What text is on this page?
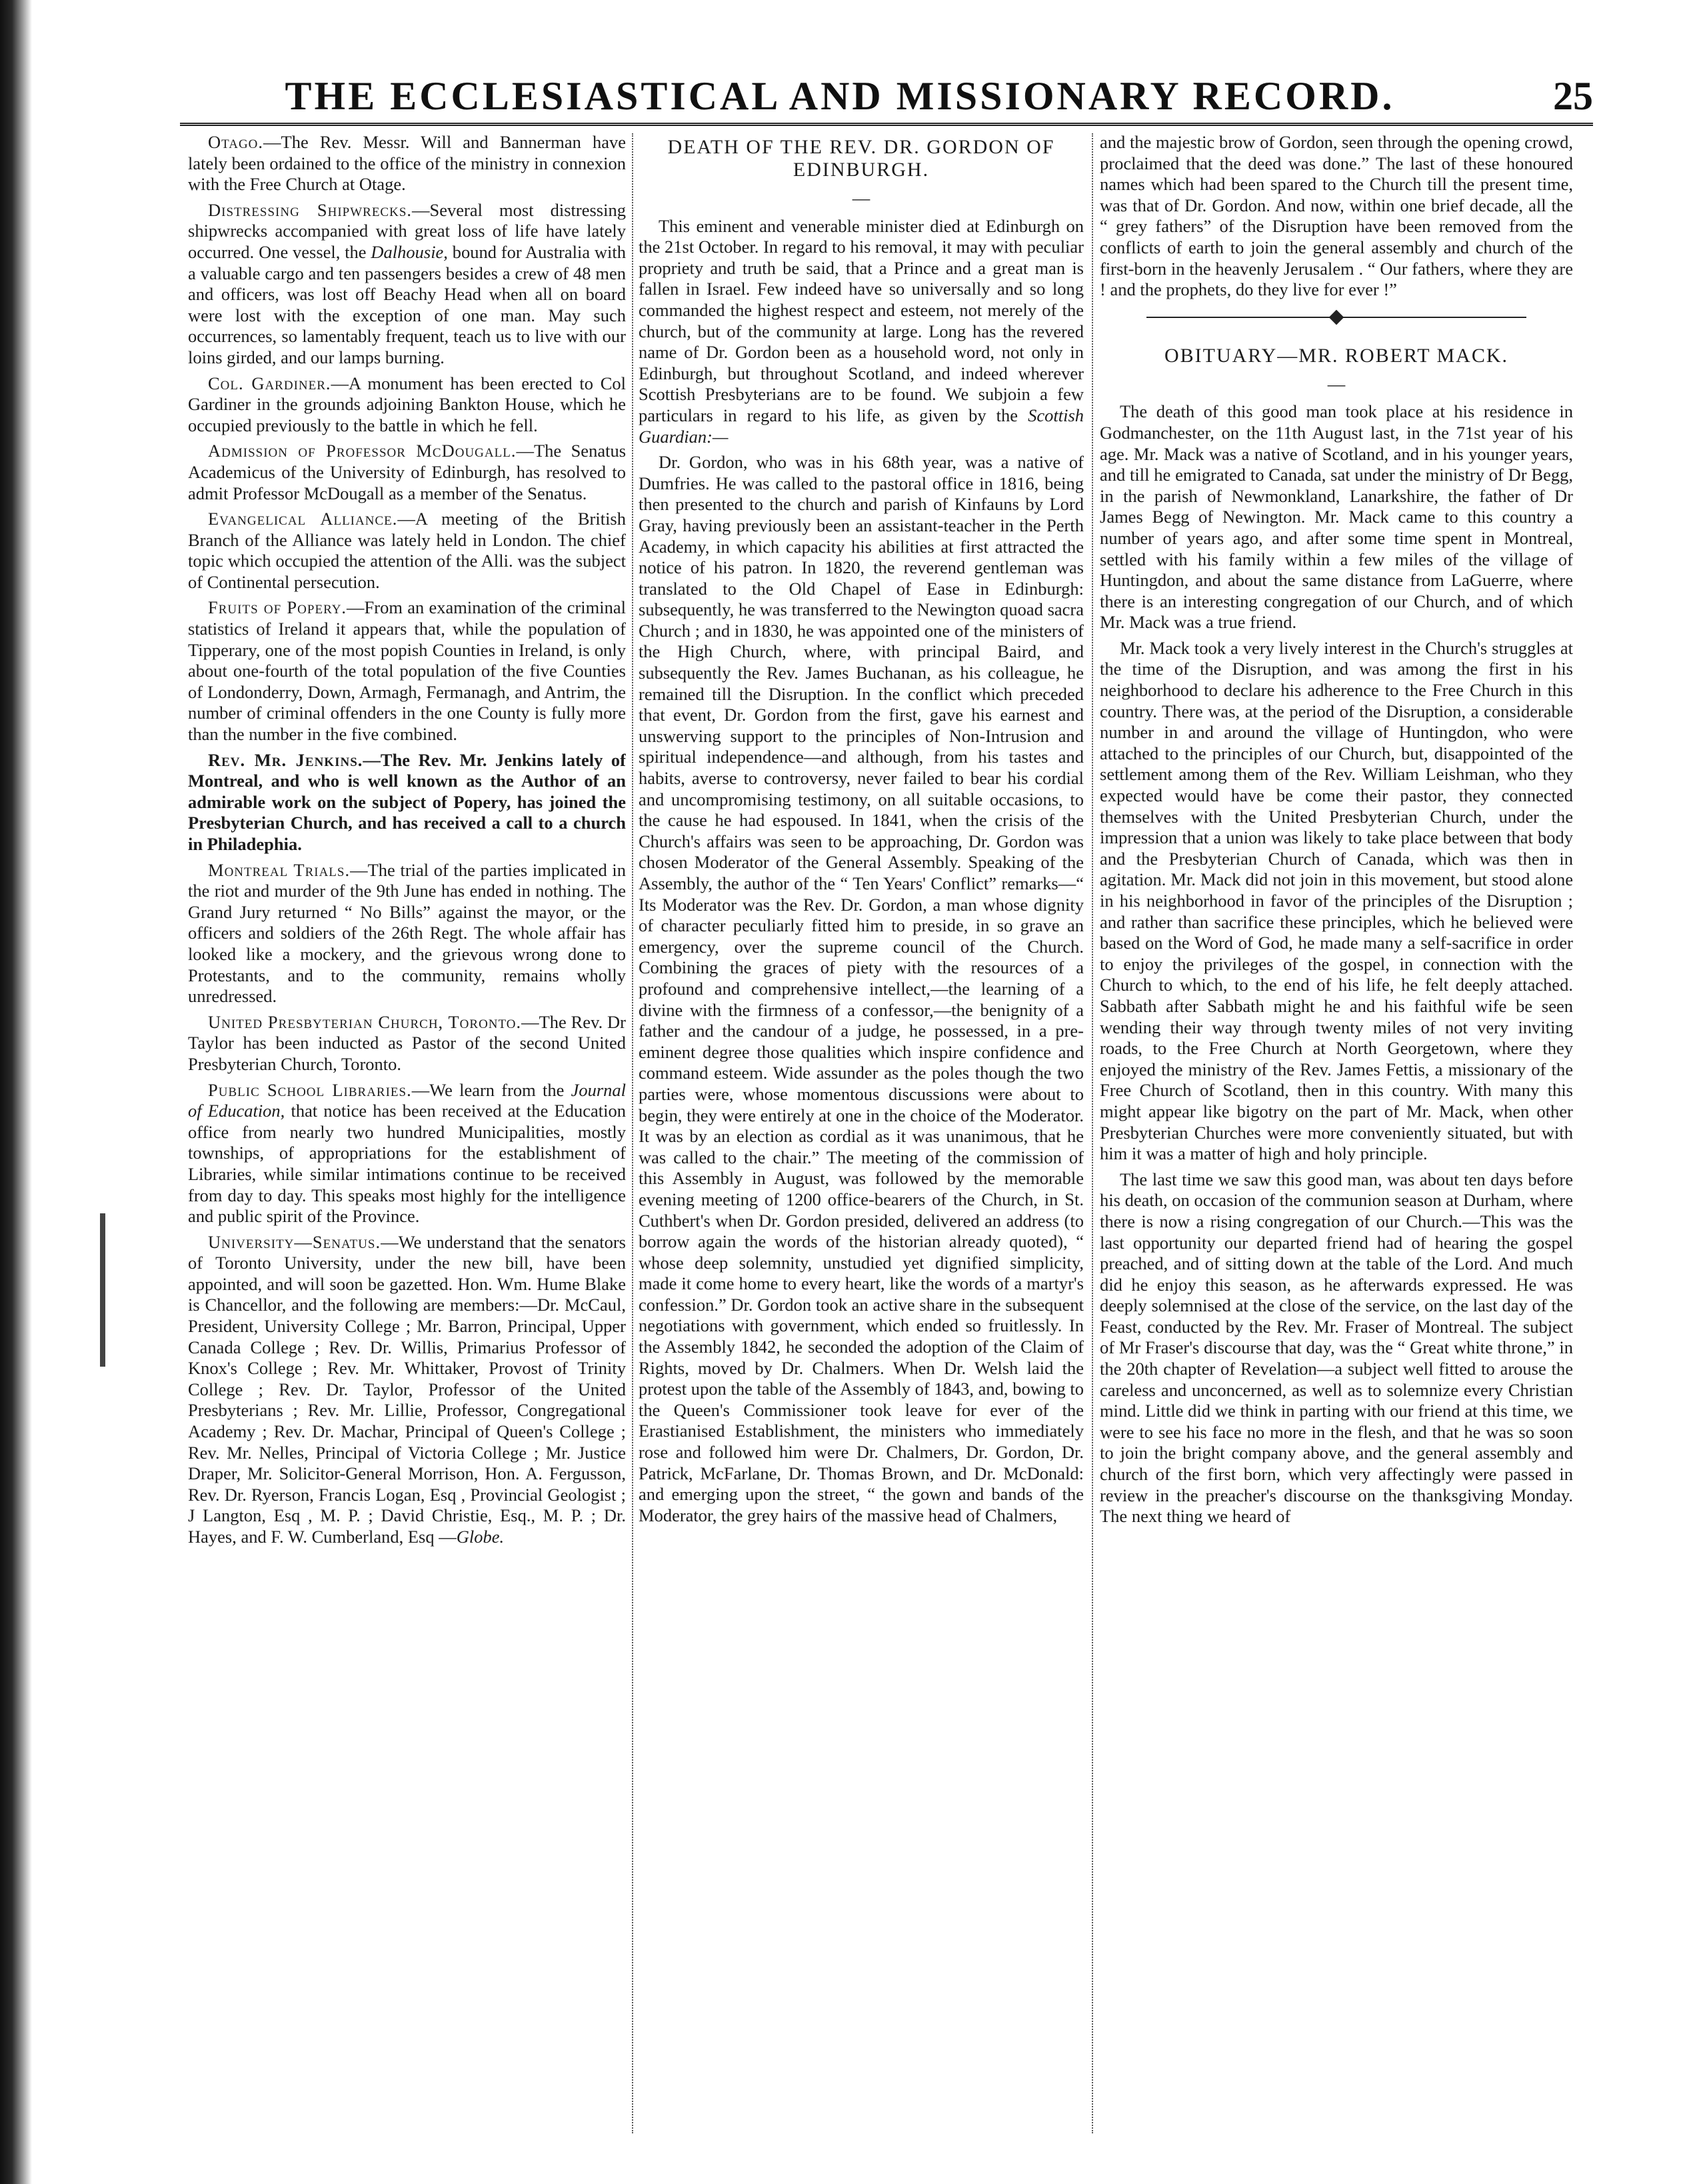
THE ECCLESIASTICAL AND MISSIONARY RECORD.	25

Otago.—The Rev. Messr. Will and Bannerman have lately been ordained to the office of the ministry in connexion with the Free Church at Otage.

Distressing Shipwrecks.—Several most distressing shipwrecks accompanied with great loss of life have lately occurred. One vessel, the Dalhousie, bound for Australia with a valuable cargo and ten passengers besides a crew of 48 men and officers, was lost off Beachy Head when all on board were lost with the exception of one man. May such occurrences, so lamentably frequent, teach us to live with our loins girded, and our lamps burning.

Col. Gardiner.—A monument has been erected to Col Gardiner in the grounds adjoining Bankton House, which he occupied previously to the battle in which he fell.

Admission of Professor McDougall.—The Senatus Academicus of the University of Edinburgh, has resolved to admit Professor McDougall as a member of the Senatus.

Evangelical Alliance.—A meeting of the British Branch of the Alliance was lately held in London. The chief topic which occupied the attention of the Alli. was the subject of Continental persecution.

Fruits of Popery.—From an examination of the criminal statistics of Ireland it appears that, while the population of Tipperary, one of the most popish Counties in Ireland, is only about one-fourth of the total population of the five Counties of Londonderry, Down, Armagh, Fermanagh, and Antrim, the number of criminal offenders in the one County is fully more than the number in the five combined.

Rev. Mr. Jenkins.—The Rev. Mr. Jenkins lately of Montreal, and who is well known as the Author of an admirable work on the subject of Popery, has joined the Presbyterian Church, and has received a call to a church in Philadephia.

Montreal Trials.—The trial of the parties implicated in the riot and murder of the 9th June has ended in nothing. The Grand Jury returned “ No Bills” against the mayor, or the officers and soldiers of the 26th Regt. The whole affair has looked like a mockery, and the grievous wrong done to Protestants, and to the community, remains wholly unredressed.

United Presbyterian Church, Toronto.—The Rev. Dr Taylor has been inducted as Pastor of the second United Presbyterian Church, Toronto.

Public School Libraries.—We learn from the Journal of Education, that notice has been received at the Education office from nearly two hundred Municipalities, mostly townships, of appropriations for the establishment of Libraries, while similar intimations continue to be received from day to day. This speaks most highly for the intelligence and public spirit of the Province.

University—Senatus.—We understand that the senators of Toronto University, under the new bill, have been appointed, and will soon be gazetted. Hon. Wm. Hume Blake is Chancellor, and the following are members:—Dr. McCaul, President, University College ; Mr. Barron, Principal, Upper Canada College ; Rev. Dr. Willis, Primarius Professor of Knox's College ; Rev. Mr. Whittaker, Provost of Trinity College ; Rev. Dr. Taylor, Professor of the United Presbyterians ; Rev. Mr. Lillie, Professor, Congregational Academy ; Rev. Dr. Machar, Principal of Queen's College ; Rev. Mr. Nelles, Principal of Victoria College ; Mr. Justice Draper, Mr. Solicitor-General Morrison, Hon. A. Fergusson, Rev. Dr. Ryerson, Francis Logan, Esq , Provincial Geologist ; J Langton, Esq , M. P. ; David Christie, Esq., M. P. ; Dr. Hayes, and F. W. Cumberland, Esq —Globe.

DEATH OF THE REV. DR. GORDON OF EDINBURGH.
—

This eminent and venerable minister died at Edinburgh on the 21st October. In regard to his removal, it may with peculiar propriety and truth be said, that a Prince and a great man is fallen in Israel. Few indeed have so universally and so long commanded the highest respect and esteem, not merely of the church, but of the community at large. Long has the revered name of Dr. Gordon been as a household word, not only in Edinburgh, but throughout Scotland, and indeed wherever Scottish Presbyterians are to be found. We subjoin a few particulars in regard to his life, as given by the Scottish Guardian:—

Dr. Gordon, who was in his 68th year, was a native of Dumfries. He was called to the pastoral office in 1816, being then presented to the church and parish of Kinfauns by Lord Gray, having previously been an assistant-teacher in the Perth Academy, in which capacity his abilities at first attracted the notice of his patron. In 1820, the reverend gentleman was translated to the Old Chapel of Ease in Edinburgh: subsequently, he was transferred to the Newington quoad sacra Church ; and in 1830, he was appointed one of the ministers of the High Church, where, with principal Baird, and subsequently the Rev. James Buchanan, as his colleague, he remained till the Disruption. In the conflict which preceded that event, Dr. Gordon from the first, gave his earnest and unswerving support to the principles of Non-Intrusion and spiritual independence—and although, from his tastes and habits, averse to controversy, never failed to bear his cordial and uncompromising testimony, on all suitable occasions, to the cause he had espoused. In 1841, when the crisis of the Church's affairs was seen to be approaching, Dr. Gordon was chosen Moderator of the General Assembly. Speaking of the Assembly, the author of the “ Ten Years' Conflict” remarks—“ Its Moderator was the Rev. Dr. Gordon, a man whose dignity of character peculiarly fitted him to preside, in so grave an emergency, over the supreme council of the Church. Combining the graces of piety with the resources of a profound and comprehensive intellect,—the learning of a divine with the firmness of a confessor,—the benignity of a father and the candour of a judge, he possessed, in a pre-eminent degree those qualities which inspire confidence and command esteem. Wide assunder as the poles though the two parties were, whose momentous discussions were about to begin, they were entirely at one in the choice of the Moderator. It was by an election as cordial as it was unanimous, that he was called to the chair.” The meeting of the commission of this Assembly in August, was followed by the memorable evening meeting of 1200 office-bearers of the Church, in St. Cuthbert's when Dr. Gordon presided, delivered an address (to borrow again the words of the historian already quoted), “ whose deep solemnity, unstudied yet dignified simplicity, made it come home to every heart, like the words of a martyr's confession.” Dr. Gordon took an active share in the subsequent negotiations with government, which ended so fruitlessly. In the Assembly 1842, he seconded the adoption of the Claim of Rights, moved by Dr. Chalmers. When Dr. Welsh laid the protest upon the table of the Assembly of 1843, and, bowing to the Queen's Commissioner took leave for ever of the Erastianised Establishment, the ministers who immediately rose and followed him were Dr. Chalmers, Dr. Gordon, Dr. Patrick, McFarlane, Dr. Thomas Brown, and Dr. McDonald: and emerging upon the street, “ the gown and bands of the Moderator, the grey hairs of the massive head of Chalmers,

and the majestic brow of Gordon, seen through the opening crowd, proclaimed that the deed was done.” The last of these honoured names which had been spared to the Church till the present time, was that of Dr. Gordon. And now, within one brief decade, all the “ grey fathers” of the Disruption have been removed from the conflicts of earth to join the general assembly and church of the first-born in the heavenly Jerusalem . “ Our fathers, where they are ! and the prophets, do they live for ever !”

OBITUARY—MR. ROBERT MACK.
—

The death of this good man took place at his residence in Godmanchester, on the 11th August last, in the 71st year of his age. Mr. Mack was a native of Scotland, and in his younger years, and till he emigrated to Canada, sat under the ministry of Dr Begg, in the parish of Newmonkland, Lanarkshire, the father of Dr James Begg of Newington. Mr. Mack came to this country a number of years ago, and after some time spent in Montreal, settled with his family within a few miles of the village of Huntingdon, and about the same distance from LaGuerre, where there is an interesting congregation of our Church, and of which Mr. Mack was a true friend.

Mr. Mack took a very lively interest in the Church's struggles at the time of the Disruption, and was among the first in his neighborhood to declare his adherence to the Free Church in this country. There was, at the period of the Disruption, a considerable number in and around the village of Huntingdon, who were attached to the principles of our Church, but, disappointed of the settlement among them of the Rev. William Leishman, who they expected would have be come their pastor, they connected themselves with the United Presbyterian Church, under the impression that a union was likely to take place between that body and the Presbyterian Church of Canada, which was then in agitation. Mr. Mack did not join in this movement, but stood alone in his neighborhood in favor of the principles of the Disruption ; and rather than sacrifice these principles, which he believed were based on the Word of God, he made many a self-sacrifice in order to enjoy the privileges of the gospel, in connection with the Church to which, to the end of his life, he felt deeply attached. Sabbath after Sabbath might he and his faithful wife be seen wending their way through twenty miles of not very inviting roads, to the Free Church at North Georgetown, where they enjoyed the ministry of the Rev. James Fettis, a missionary of the Free Church of Scotland, then in this country. With many this might appear like bigotry on the part of Mr. Mack, when other Presbyterian Churches were more conveniently situated, but with him it was a matter of high and holy principle.

The last time we saw this good man, was about ten days before his death, on occasion of the communion season at Durham, where there is now a rising congregation of our Church.—This was the last opportunity our departed friend had of hearing the gospel preached, and of sitting down at the table of the Lord. And much did he enjoy this season, as he afterwards expressed. He was deeply solemnised at the close of the service, on the last day of the Feast, conducted by the Rev. Mr. Fraser of Montreal. The subject of Mr Fraser's discourse that day, was the “ Great white throne,” in the 20th chapter of Revelation—a subject well fitted to arouse the careless and unconcerned, as well as to solemnize every Christian mind. Little did we think in parting with our friend at this time, we were to see his face no more in the flesh, and that he was so soon to join the bright company above, and the general assembly and church of the first born, which very affectingly were passed in review in the preacher's discourse on the thanksgiving Monday. The next thing we heard of
